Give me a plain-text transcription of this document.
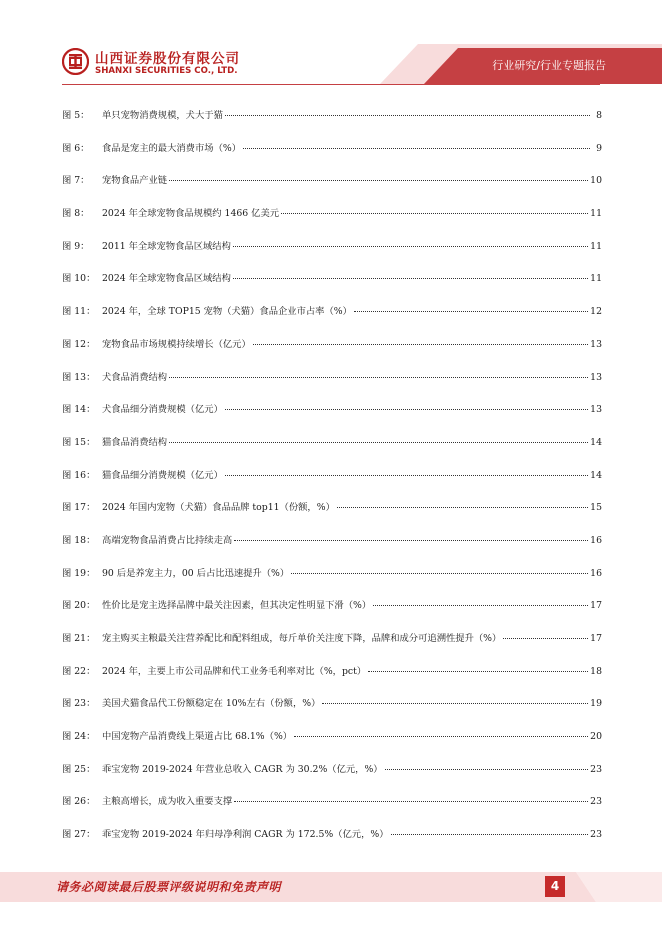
山西证券股份有限公司
SHANXI SECURITIES CO., LTD.	行业研究/行业专题报告
图 5：	单只宠物消费规模，犬大于猫	8
图 6：	食品是宠主的最大消费市场（%）	9
图 7：	宠物食品产业链	10
图 8：	2024 年全球宠物食品规模约 1466 亿美元	11
图 9：	2011 年全球宠物食品区域结构	11
图 10： 2024 年全球宠物食品区域结构	11
图 11： 2024 年，全球 TOP15 宠物（犬猫）食品企业市占率（%）	12
图 12： 宠物食品市场规模持续增长（亿元）	13
图 13： 犬食品消费结构	13
图 14： 犬食品细分消费规模（亿元）	13
图 15： 猫食品消费结构	14
图 16： 猫食品细分消费规模（亿元）	14
图 17： 2024 年国内宠物（犬猫）食品品牌 top11（份额，%）	15
图 18： 高端宠物食品消费占比持续走高	16
图 19： 90 后是养宠主力，00 后占比迅速提升（%）	16
图 20： 性价比是宠主选择品牌中最关注因素，但其决定性明显下滑（%）	17
图 21： 宠主购买主粮最关注营养配比和配料组成，每斤单价关注度下降，品牌和成分可追溯性提升（%）	17
图 22： 2024 年，主要上市公司品牌和代工业务毛利率对比（%，pct）	18
图 23： 美国犬猫食品代工份额稳定在 10%左右（份额，%）	19
图 24： 中国宠物产品消费线上渠道占比 68.1%（%）	20
图 25： 乖宝宠物 2019-2024 年营业总收入 CAGR 为 30.2%（亿元，%）	23
图 26： 主粮高增长，成为收入重要支撑	23
图 27： 乖宝宠物 2019-2024 年归母净利润 CAGR 为 172.5%（亿元，%）	23
请务必阅读最后股票评级说明和免责声明	4
